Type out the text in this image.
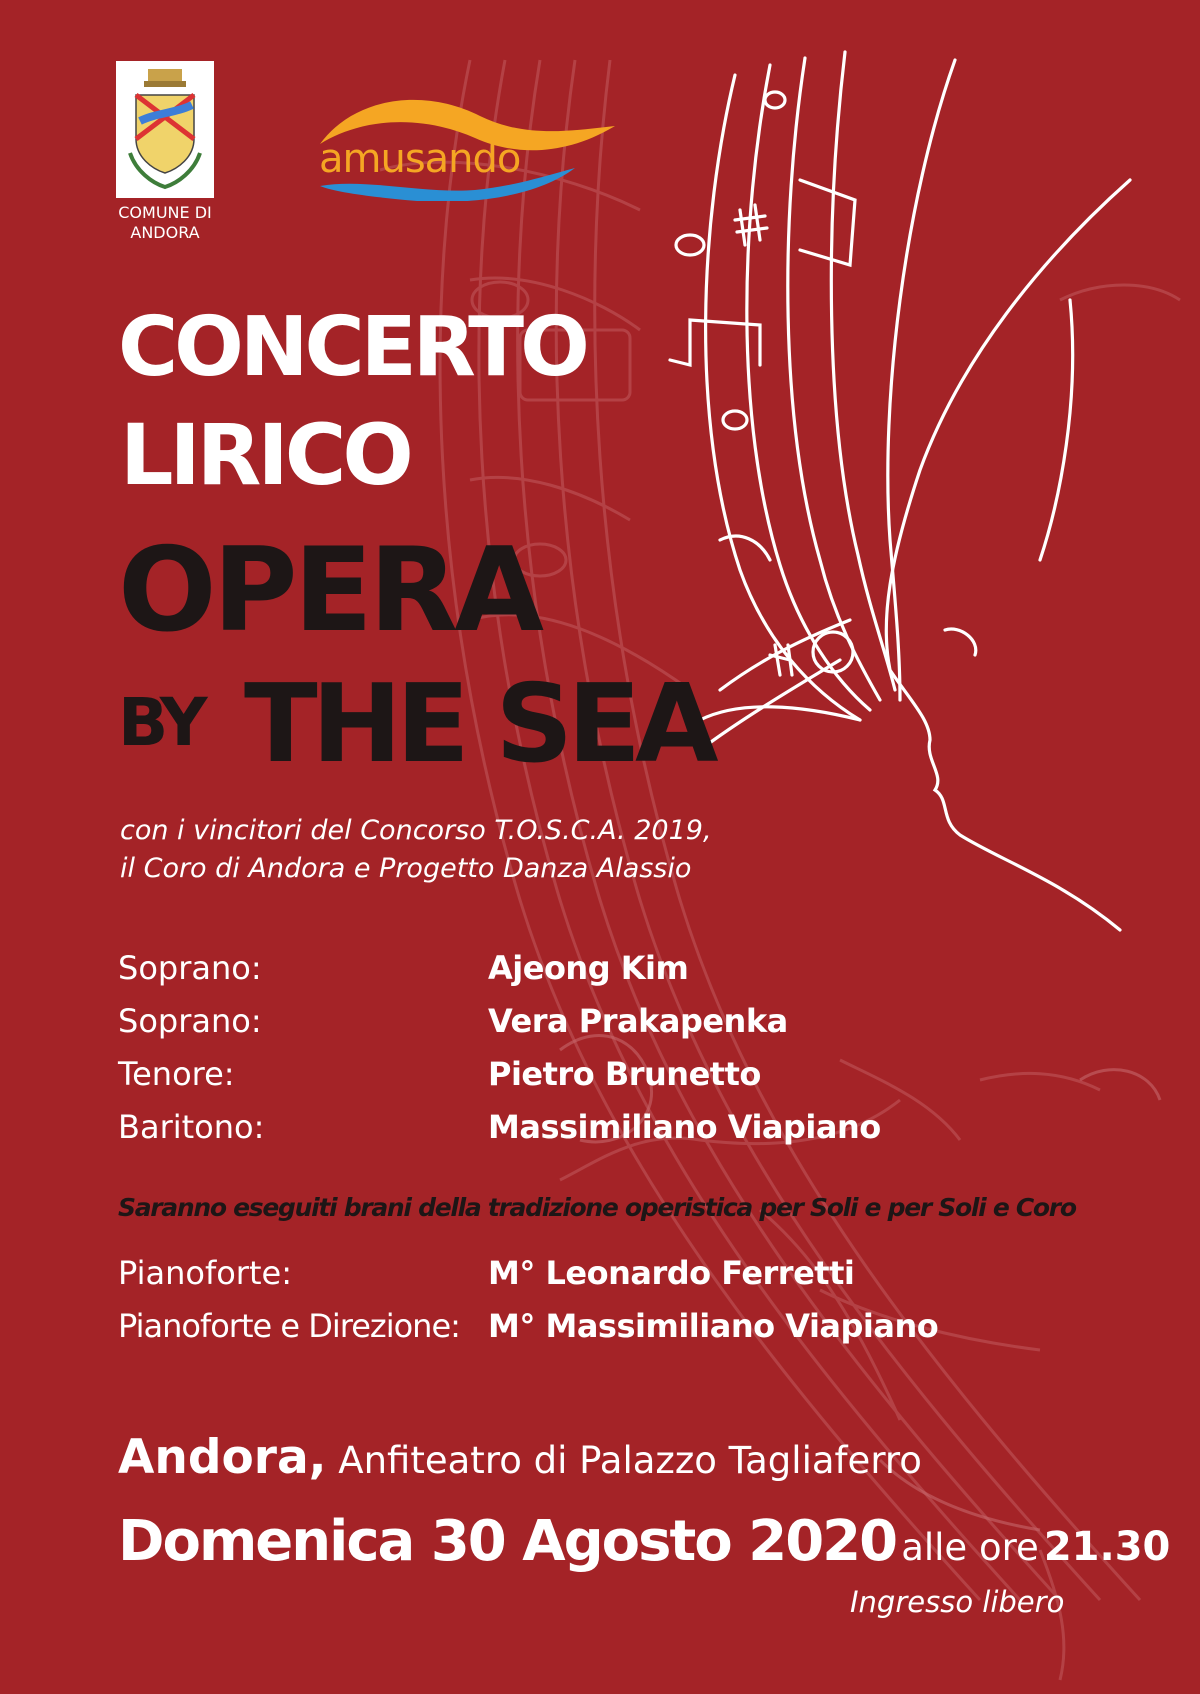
COMUNE DI
ANDORA
amusando
CONCERTO
LIRICO
OPERA
BY THE SEA
con i vincitori del Concorso T.O.S.C.A. 2019,
il Coro di Andora e Progetto Danza Alassio
Soprano:	Ajeong Kim
Soprano:	Vera Prakapenka
Tenore:	Pietro Brunetto
Baritono:	Massimiliano Viapiano
Saranno eseguiti brani della tradizione operistica per Soli e per Soli e Coro
Pianoforte:	M° Leonardo Ferretti
Pianoforte e Direzione: M° Massimiliano Viapiano
Andora, Anfiteatro di Palazzo Tagliaferro
Domenica 30 Agosto 2020 alle ore 21.30
Ingresso libero
